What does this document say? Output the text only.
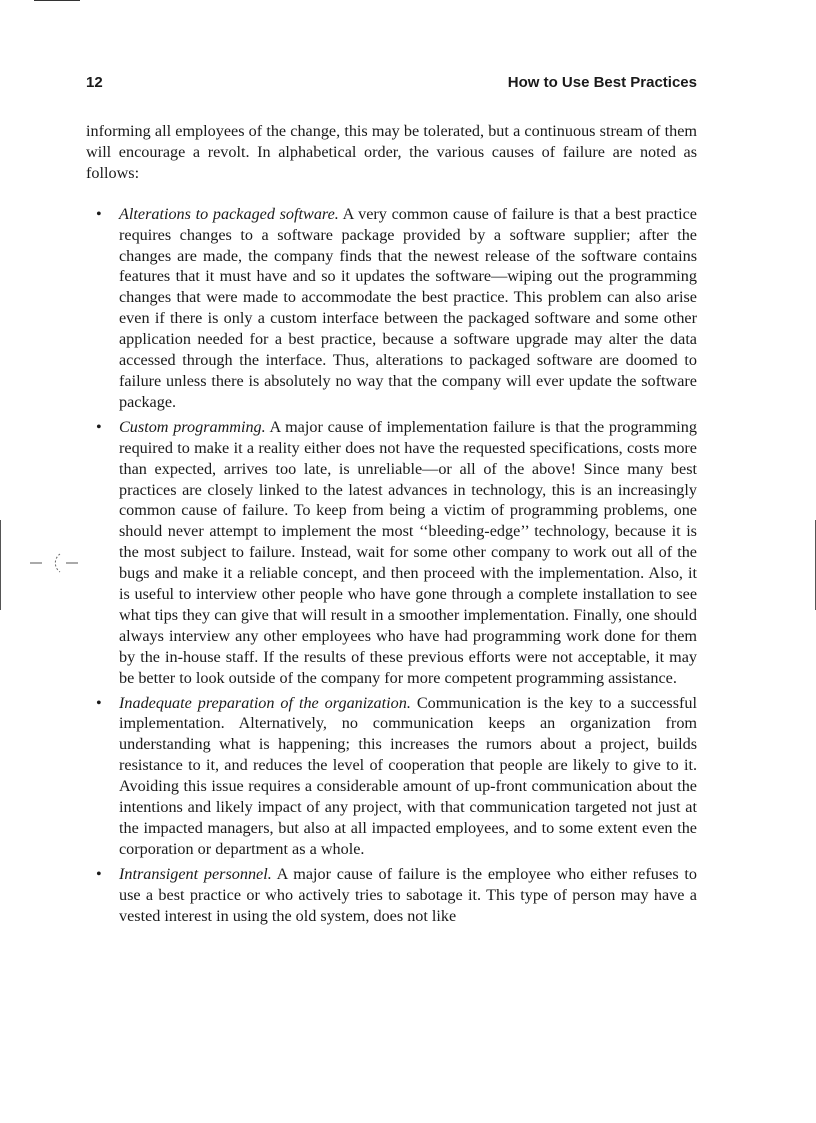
12	How to Use Best Practices

informing all employees of the change, this may be tolerated, but a continuous stream of them will encourage a revolt. In alphabetical order, the various causes of failure are noted as follows:

• Alterations to packaged software. A very common cause of failure is that a best practice requires changes to a software package provided by a software supplier; after the changes are made, the company finds that the newest release of the software contains features that it must have and so it updates the software—wiping out the programming changes that were made to accommodate the best practice. This problem can also arise even if there is only a custom interface between the packaged software and some other application needed for a best practice, because a software upgrade may alter the data accessed through the interface. Thus, alterations to packaged software are doomed to failure unless there is absolutely no way that the company will ever update the software package.
• Custom programming. A major cause of implementation failure is that the programming required to make it a reality either does not have the requested specifications, costs more than expected, arrives too late, is unreliable—or all of the above! Since many best practices are closely linked to the latest advances in technology, this is an increasingly common cause of failure. To keep from being a victim of programming problems, one should never attempt to implement the most ‘‘bleeding-edge’’ technology, because it is the most subject to failure. Instead, wait for some other company to work out all of the bugs and make it a reliable concept, and then proceed with the implementation. Also, it is useful to interview other people who have gone through a complete installation to see what tips they can give that will result in a smoother implementation. Finally, one should always interview any other employees who have had programming work done for them by the in-house staff. If the results of these previous efforts were not acceptable, it may be better to look outside of the company for more competent programming assistance.
• Inadequate preparation of the organization. Communication is the key to a successful implementation. Alternatively, no communication keeps an organization from understanding what is happening; this increases the rumors about a project, builds resistance to it, and reduces the level of cooperation that people are likely to give to it. Avoiding this issue requires a considerable amount of up-front communication about the intentions and likely impact of any project, with that communication targeted not just at the impacted managers, but also at all impacted employees, and to some extent even the corporation or department as a whole.
• Intransigent personnel. A major cause of failure is the employee who either refuses to use a best practice or who actively tries to sabotage it. This type of person may have a vested interest in using the old system, does not like
